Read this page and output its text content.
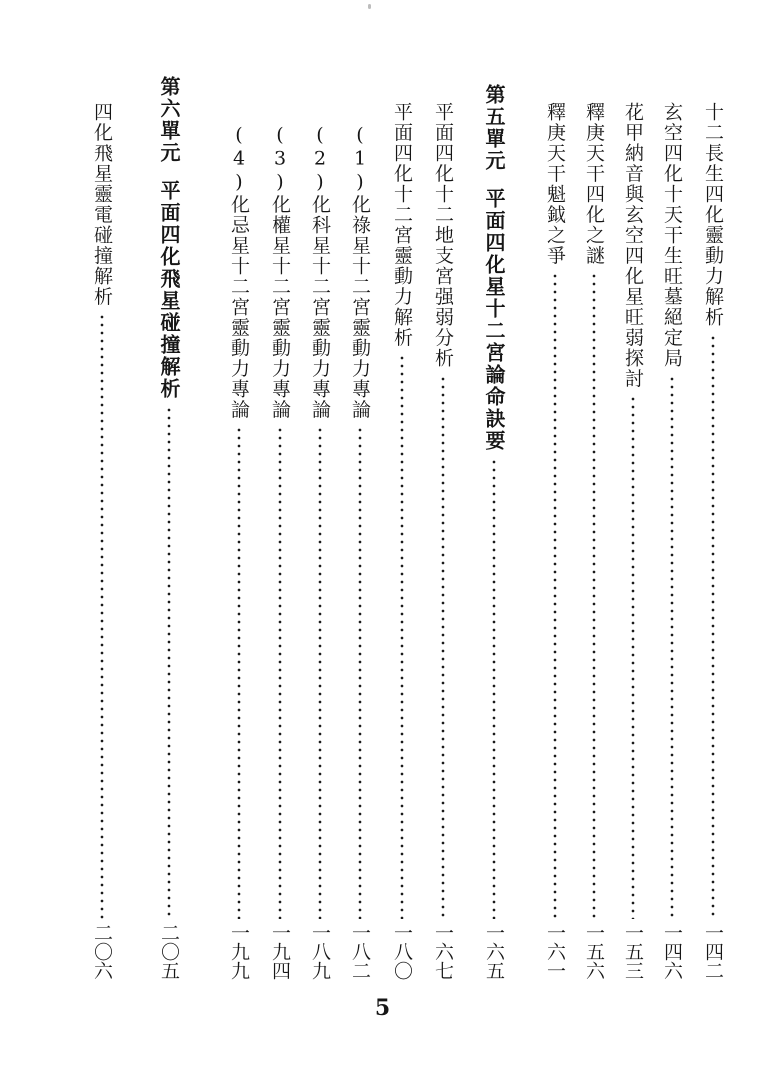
十二長生四化靈動力解析
一四二
玄空四化十天干生旺墓絕定局
一四六
花甲納音與玄空四化星旺弱探討
一五三
釋庚天干四化之謎
一五六
釋庚天干魁鉞之爭
一六一
第五單元
平面四化星十二宮論命訣要
一六五
平面四化十二地支宮强弱分析
一六七
平面四化十二宮靈動力解析
一八〇
(1)化祿星十二宮靈動力專論
一八二
(2)化科星十二宮靈動力專論
一八九
(3)化權星十二宮靈動力專論
一九四
(4)化忌星十二宮靈動力專論
一九九
第六單元
平面四化飛星碰撞解析
二〇五
四化飛星靈電碰撞解析
二〇六
5
